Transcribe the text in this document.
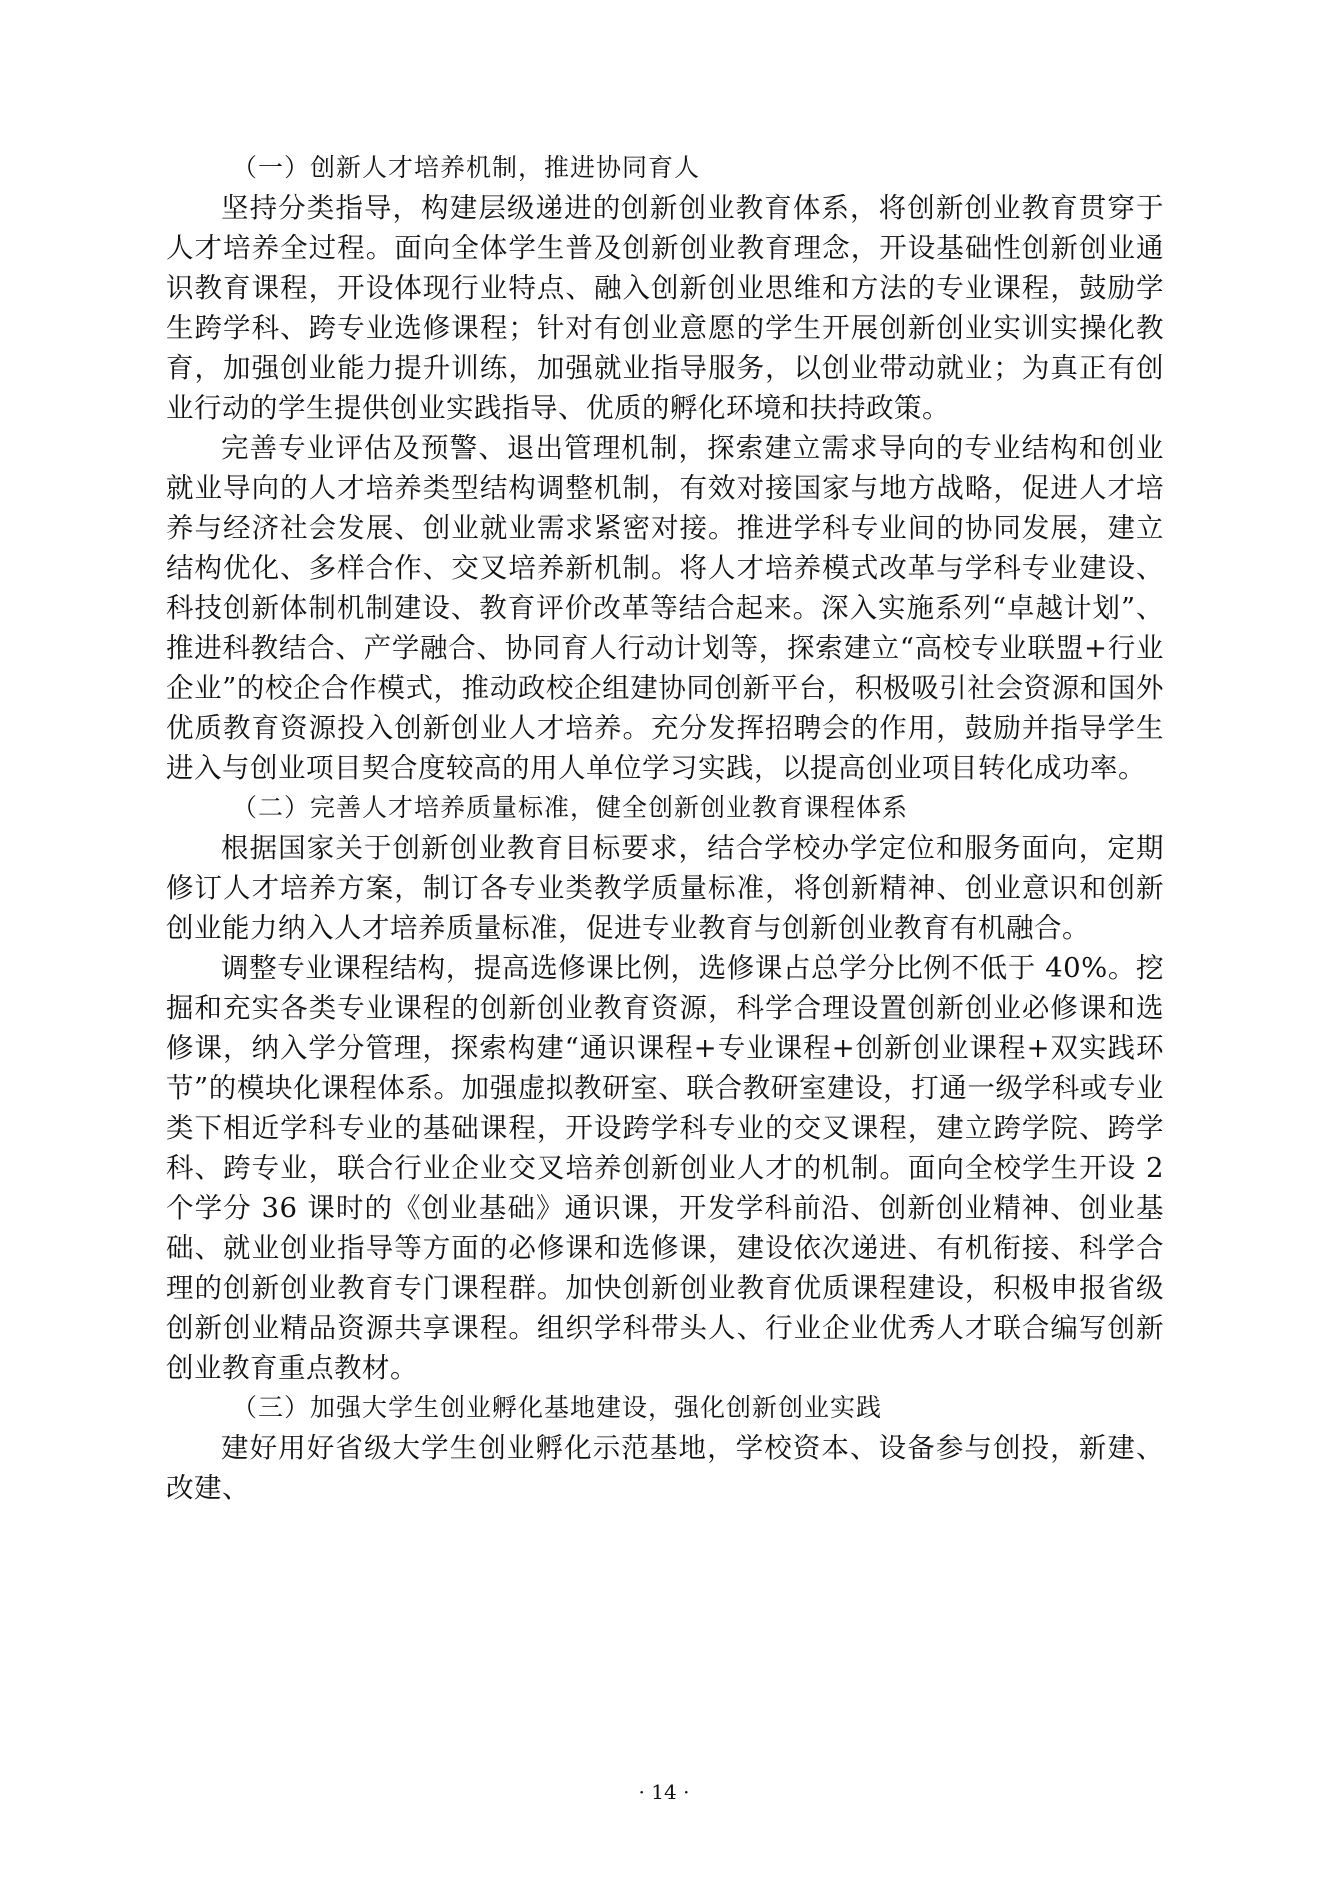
（一）创新人才培养机制，推进协同育人

坚持分类指导，构建层级递进的创新创业教育体系，将创新创业教育贯穿于人才培养全过程。面向全体学生普及创新创业教育理念，开设基础性创新创业通识教育课程，开设体现行业特点、融入创新创业思维和方法的专业课程，鼓励学生跨学科、跨专业选修课程；针对有创业意愿的学生开展创新创业实训实操化教育，加强创业能力提升训练，加强就业指导服务，以创业带动就业；为真正有创业行动的学生提供创业实践指导、优质的孵化环境和扶持政策。

完善专业评估及预警、退出管理机制，探索建立需求导向的专业结构和创业就业导向的人才培养类型结构调整机制，有效对接国家与地方战略，促进人才培养与经济社会发展、创业就业需求紧密对接。推进学科专业间的协同发展，建立结构优化、多样合作、交叉培养新机制。将人才培养模式改革与学科专业建设、科技创新体制机制建设、教育评价改革等结合起来。深入实施系列“卓越计划”、推进科教结合、产学融合、协同育人行动计划等，探索建立“高校专业联盟+行业企业”的校企合作模式，推动政校企组建协同创新平台，积极吸引社会资源和国外优质教育资源投入创新创业人才培养。充分发挥招聘会的作用，鼓励并指导学生进入与创业项目契合度较高的用人单位学习实践，以提高创业项目转化成功率。

（二）完善人才培养质量标准，健全创新创业教育课程体系

根据国家关于创新创业教育目标要求，结合学校办学定位和服务面向，定期修订人才培养方案，制订各专业类教学质量标准，将创新精神、创业意识和创新创业能力纳入人才培养质量标准，促进专业教育与创新创业教育有机融合。

调整专业课程结构，提高选修课比例，选修课占总学分比例不低于 40%。挖掘和充实各类专业课程的创新创业教育资源，科学合理设置创新创业必修课和选修课，纳入学分管理，探索构建“通识课程+专业课程+创新创业课程+双实践环节”的模块化课程体系。加强虚拟教研室、联合教研室建设，打通一级学科或专业类下相近学科专业的基础课程，开设跨学科专业的交叉课程，建立跨学院、跨学科、跨专业，联合行业企业交叉培养创新创业人才的机制。面向全校学生开设 2 个学分 36 课时的《创业基础》通识课，开发学科前沿、创新创业精神、创业基础、就业创业指导等方面的必修课和选修课，建设依次递进、有机衔接、科学合理的创新创业教育专门课程群。加快创新创业教育优质课程建设，积极申报省级创新创业精品资源共享课程。组织学科带头人、行业企业优秀人才联合编写创新创业教育重点教材。

（三）加强大学生创业孵化基地建设，强化创新创业实践

建好用好省级大学生创业孵化示范基地，学校资本、设备参与创投，新建、改建、

· 14 ·
